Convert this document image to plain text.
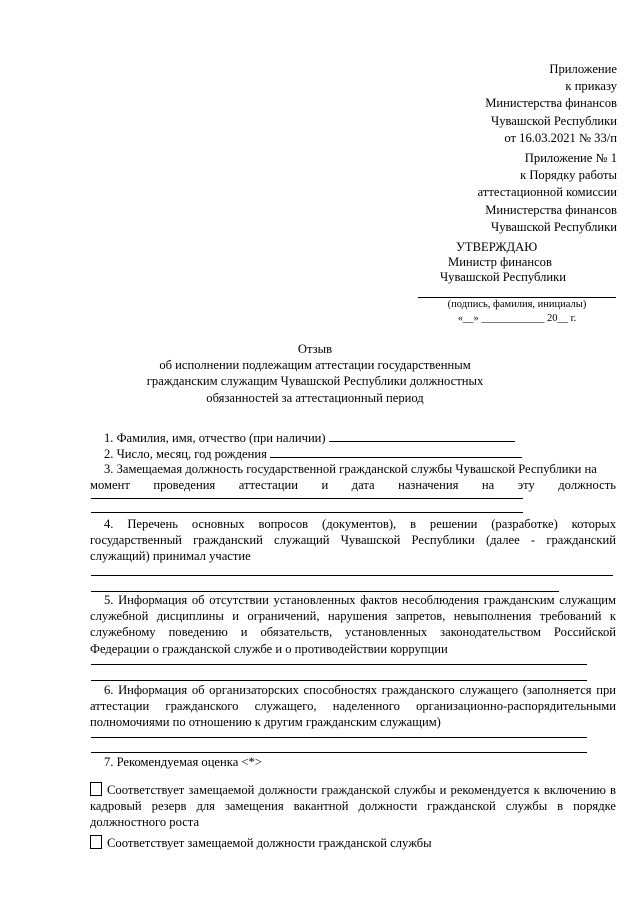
Приложение
к приказу
Министерства финансов
Чувашской Республики
от 16.03.2021 № 33/п
Приложение № 1
к Порядку работы
аттестационной комиссии
Министерства финансов
Чувашской Республики
УТВЕРЖДАЮ
Министр финансов
Чувашской Республики
(подпись, фамилия, инициалы)
«__» ____________ 20__ г.
Отзыв
об исполнении подлежащим аттестации государственным
гражданским служащим Чувашской Республики должностных
обязанностей за аттестационный период
1. Фамилия, имя, отчество (при наличии)
2. Число, месяц, год рождения
3. Замещаемая должность государственной гражданской службы Чувашской Республики на
момент проведения аттестации и дата назначения на эту должность
4. Перечень основных вопросов (документов), в решении (разработке) которых государственный гражданский служащий Чувашской Республики (далее - гражданский служащий) принимал участие
5. Информация об отсутствии установленных фактов несоблюдения гражданским служащим служебной дисциплины и ограничений, нарушения запретов, невыполнения требований к служебному поведению и обязательств, установленных законодательством Российской Федерации о гражданской службе и о противодействии коррупции
6. Информация об организаторских способностях гражданского служащего (заполняется при аттестации гражданского служащего, наделенного организационно-распорядительными полномочиями по отношению к другим гражданским служащим)
7. Рекомендуемая оценка <*>
Соответствует замещаемой должности гражданской службы и рекомендуется к включению в кадровый резерв для замещения вакантной должности гражданской службы в порядке должностного роста
Соответствует замещаемой должности гражданской службы
